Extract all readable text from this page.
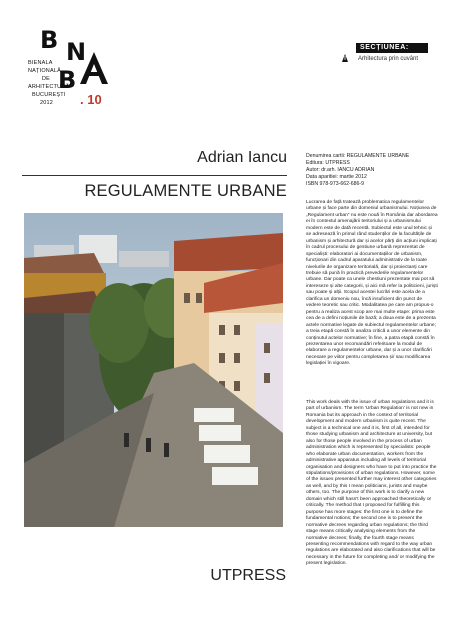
B N
B
BIENALA
NAȚIONALĂ
DE
ARHITECTURĂ
BUCUREȘTI
2012	. 10
SECȚIUNEA:
Arhitectura prin cuvânt
Adrian Iancu
REGULAMENTE URBANE
UTPRESS
Denumirea cartii: REGULAMENTE URBANE
Editura: UTPRESS
Autor: dr.arh. IANCU ADRIAN
Data aparitiei: martie 2012
ISBN 978-973-662-686-9

Lucrarea de față tratează problematica regulamentelor urbane și face parte din domeniul urbanismului. Noțiunea de „Regulament urban” nu este nouă în România dar abordarea ei în contextul amenajării teritoriului și a urbanismului modern este de dată recentă. Subiectul este unul tehnic și se adresează în primul rând studenților de la facultățile de urbanism și arhitectură dar și acelor părți din acțiuni implicați în cadrul procesului de gestiune urbană reprezentat de specialiști: elaboratori ai documentațiilor de urbanism, funcționari din cadrul aparatului administrativ de la toate nivelurile de organizare teritorială, dar și proiectanți care trebuie să pună în practică prevederile regulamentelor urbane. Dar poate ca unele chestiuni prezentate mai pot să intereseze și alte categorii, și aici mă refer la politicieni, juriști sau poate și alții. Scopul acestei lucrări este acela de a clarifica un domeniu nou, încă insuficient din punct de vedere teoretic sau critic. Modalitatea pe care am propus-o pentru a realiza acest scop are mai multe etape: prima este cea de a defini noțiunile de bază; a doua este de a prezenta actele normative legate de subiectul regulamentelor urbane; a treia etapă constă în analiza critică a unor elemente din conținutul actelor normative; în fine, a patra etapă constă în prezentarea unor recomandări referitoare la modul de elaborare a regulamentelor urbane, dar și a unor clarificări necesare pe viitor pentru completarea și/ sau modificarea legislației în vigoare.

This work deals with the issue of urban regulations and it is part of urbanism. The term 'Urban Regulation' is not new in Romania but its approach in the context of territorial development and modern urbanism is quite recent. The subject is a technical one and it is, first of all, intended for those studying urbanism and architecture at university, but also for those people involved in the process of urban administration which is represented by specialists: people who elaborate urban documentation, workers from the administrative apparatus including all levels of territorial organisation and designers who have to put into practice the stipulations/provisions of urban regulations. However, some of the issues presented further may interest other categories as well, and by this I mean politicians, jurists and maybe others, too. The purpose of this work is to clarify a new domain which still hasn't been approached theoretically or critically. The method that I proposed for fulfilling this purpose has more stages: the first one is to define the fundamental notions; the second one is to present the normative decrees regarding urban regulations; the third stage means critically analysing elements from the normative decrees; finally, the fourth stage means presenting recommendations with regard to the way urban regulations are elaborated and also clarifications that will be necessary in the future for completing and/ or modifying the present legislation.
